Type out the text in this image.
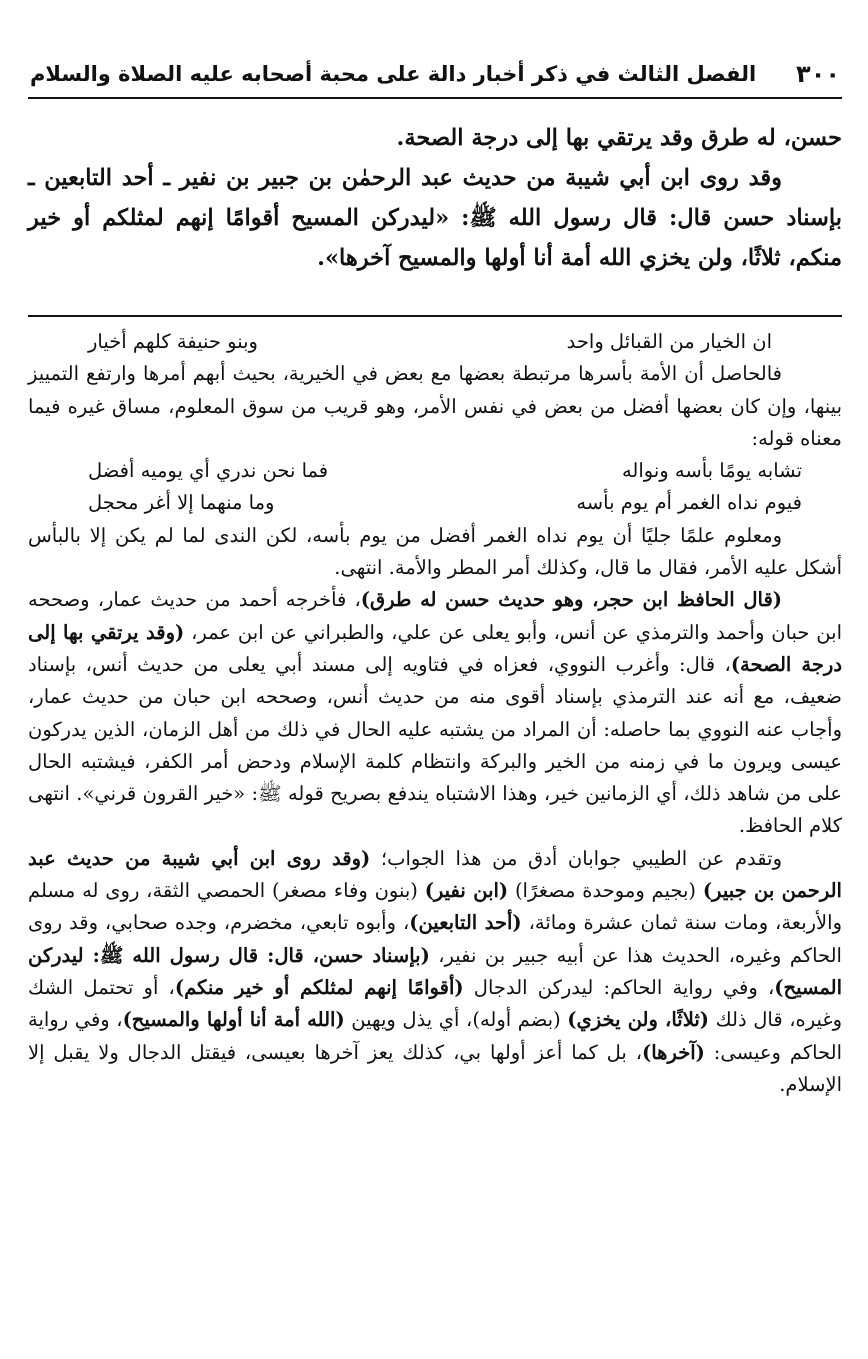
٣٠٠
الفصل الثالث في ذكر أخبار دالة على محبة أصحابه عليه الصلاة والسلام

حسن، له طرق وقد يرتقي بها إلى درجة الصحة.

وقد روى ابن أبي شيبة من حديث عبد الرحمٰن بن جبير بن نفير ـ أحد التابعين ـ بإسناد حسن قال: قال رسول الله ﷺ: «ليدركن المسيح أقوامًا إنهم لمثلكم أو خير منكم، ثلاثًا، ولن يخزي الله أمة أنا أولها والمسيح آخرها».

ان الخيار من القبائل واحد
وبنو حنيفة كلهم أخيار

فالحاصل أن الأمة بأسرها مرتبطة بعضها مع بعض في الخيرية، بحيث أبهم أمرها وارتفع التمييز بينها، وإن كان بعضها أفضل من بعض في نفس الأمر، وهو قريب من سوق المعلوم، مساق غيره فيما معناه قوله:

تشابه يومًا بأسه ونواله
فما نحن ندري أي يوميه أفضل
فيوم نداه الغمر أم يوم بأسه
وما منهما إلا أغر محجل

ومعلوم علمًا جليًا أن يوم نداه الغمر أفضل من يوم بأسه، لكن الندى لما لم يكن إلا بالبأس أشكل عليه الأمر، فقال ما قال، وكذلك أمر المطر والأمة. انتهى.

(قال الحافظ ابن حجر، وهو حديث حسن له طرق)، فأخرجه أحمد من حديث عمار، وصححه ابن حبان وأحمد والترمذي عن أنس، وأبو يعلى عن علي، والطبراني عن ابن عمر، (وقد يرتقي بها إلى درجة الصحة)، قال: وأغرب النووي، فعزاه في فتاويه إلى مسند أبي يعلى من حديث أنس، بإسناد ضعيف، مع أنه عند الترمذي بإسناد أقوى منه من حديث أنس، وصححه ابن حبان من حديث عمار، وأجاب عنه النووي بما حاصله: أن المراد من يشتبه عليه الحال في ذلك من أهل الزمان، الذين يدركون عيسى ويرون ما في زمنه من الخير والبركة وانتظام كلمة الإسلام ودحض أمر الكفر، فيشتبه الحال على من شاهد ذلك، أي الزمانين خير، وهذا الاشتباه يندفع بصريح قوله ﷺ: «خير القرون قرني». انتهى كلام الحافظ.

وتقدم عن الطيبي جوابان أدق من هذا الجواب؛ (وقد روى ابن أبي شيبة من حديث عبد الرحمن بن جبير) (بجيم وموحدة مصغرًا) (ابن نفير) (بنون وفاء مصغر) الحمصي الثقة، روى له مسلم والأربعة، ومات سنة ثمان عشرة ومائة، (أحد التابعين)، وأبوه تابعي، مخضرم، وجده صحابي، وقد روى الحاكم وغيره، الحديث هذا عن أبيه جبير بن نفير، (بإسناد حسن، قال: قال رسول الله ﷺ: ليدركن المسيح)، وفي رواية الحاكم: ليدركن الدجال (أقوامًا إنهم لمثلكم أو خير منكم)، أو تحتمل الشك وغيره، قال ذلك (ثلاثًا، ولن يخزي) (بضم أوله)، أي يذل ويهين (الله أمة أنا أولها والمسيح)، وفي رواية الحاكم وعيسى: (آخرها)، بل كما أعز أولها بي، كذلك يعز آخرها بعيسى، فيقتل الدجال ولا يقبل إلا الإسلام.
